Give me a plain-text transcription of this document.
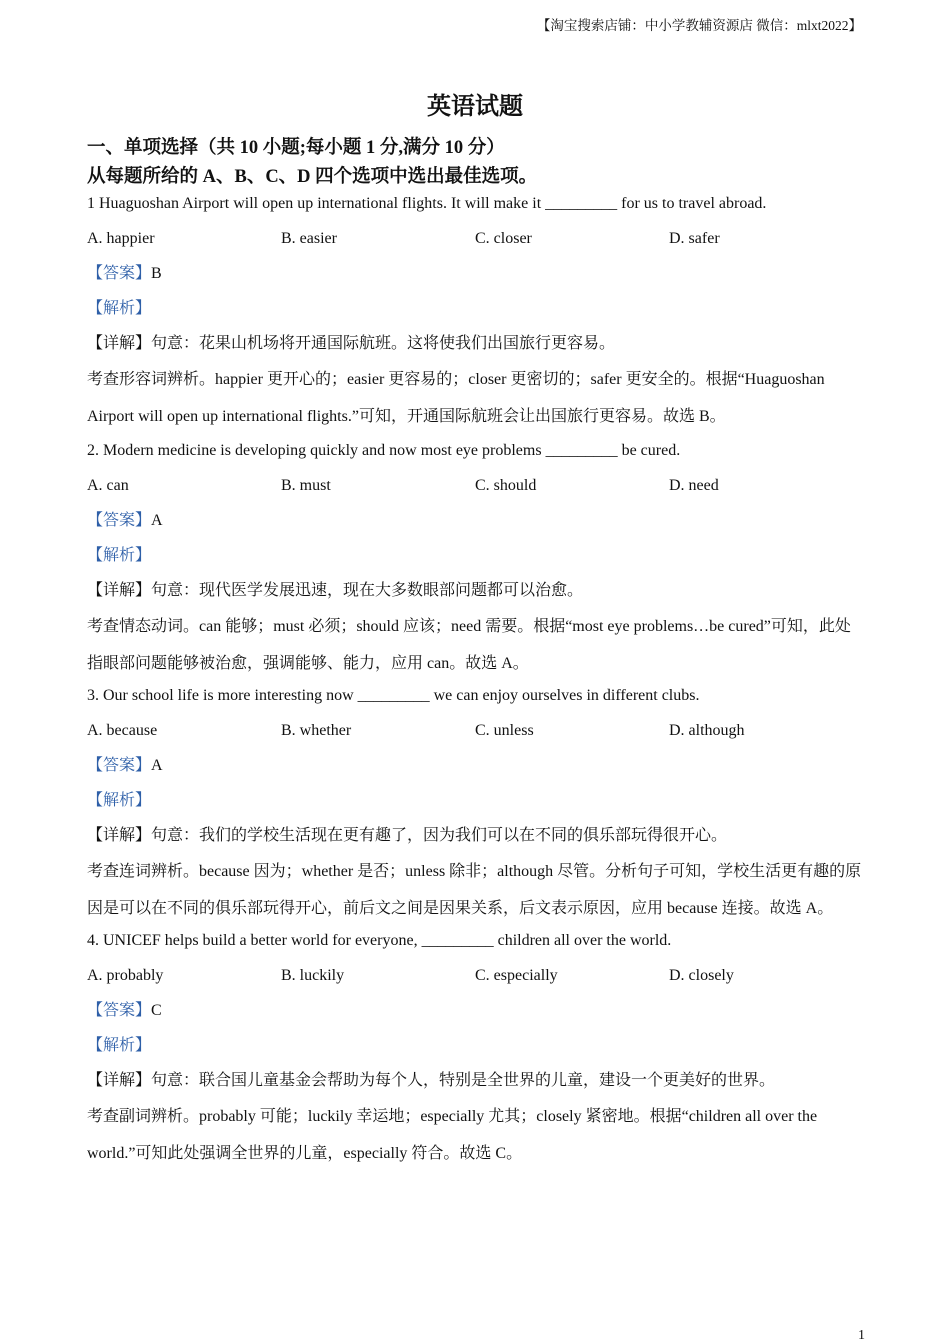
【淘宝搜索店铺：中小学教辅资源店 微信：mlxt2022】
英语试题
一、单项选择（共 10 小题;每小题 1 分,满分 10 分）
从每题所给的 A、B、C、D 四个选项中选出最佳选项。
1 Huaguoshan Airport will open up international flights. It will make it _________ for us to travel abroad.
A. happier	B. easier	C. closer	D. safer
【答案】B
【解析】
【详解】句意：花果山机场将开通国际航班。这将使我们出国旅行更容易。
考查形容词辨析。happier 更开心的；easier 更容易的；closer 更密切的；safer 更安全的。根据“Huaguoshan Airport will open up international flights.”可知，开通国际航班会让出国旅行更容易。故选 B。
2. Modern medicine is developing quickly and now most eye problems _________ be cured.
A. can	B. must	C. should	D. need
【答案】A
【解析】
【详解】句意：现代医学发展迅速，现在大多数眼部问题都可以治愈。
考查情态动词。can 能够；must 必须；should 应该；need 需要。根据“most eye problems…be cured”可知，此处指眼部问题能够被治愈，强调能够、能力，应用 can。故选 A。
3. Our school life is more interesting now _________ we can enjoy ourselves in different clubs.
A. because	B. whether	C. unless	D. although
【答案】A
【解析】
【详解】句意：我们的学校生活现在更有趣了，因为我们可以在不同的俱乐部玩得很开心。
考查连词辨析。because 因为；whether 是否；unless 除非；although 尽管。分析句子可知，学校生活更有趣的原因是可以在不同的俱乐部玩得开心，前后文之间是因果关系，后文表示原因，应用 because 连接。故选 A。
4. UNICEF helps build a better world for everyone, _________ children all over the world.
A. probably	B. luckily	C. especially	D. closely
【答案】C
【解析】
【详解】句意：联合国儿童基金会帮助为每个人，特别是全世界的儿童，建设一个更美好的世界。
考查副词辨析。probably 可能；luckily 幸运地；especially 尤其；closely 紧密地。根据“children all over the world.”可知此处强调全世界的儿童，especially 符合。故选 C。
1
